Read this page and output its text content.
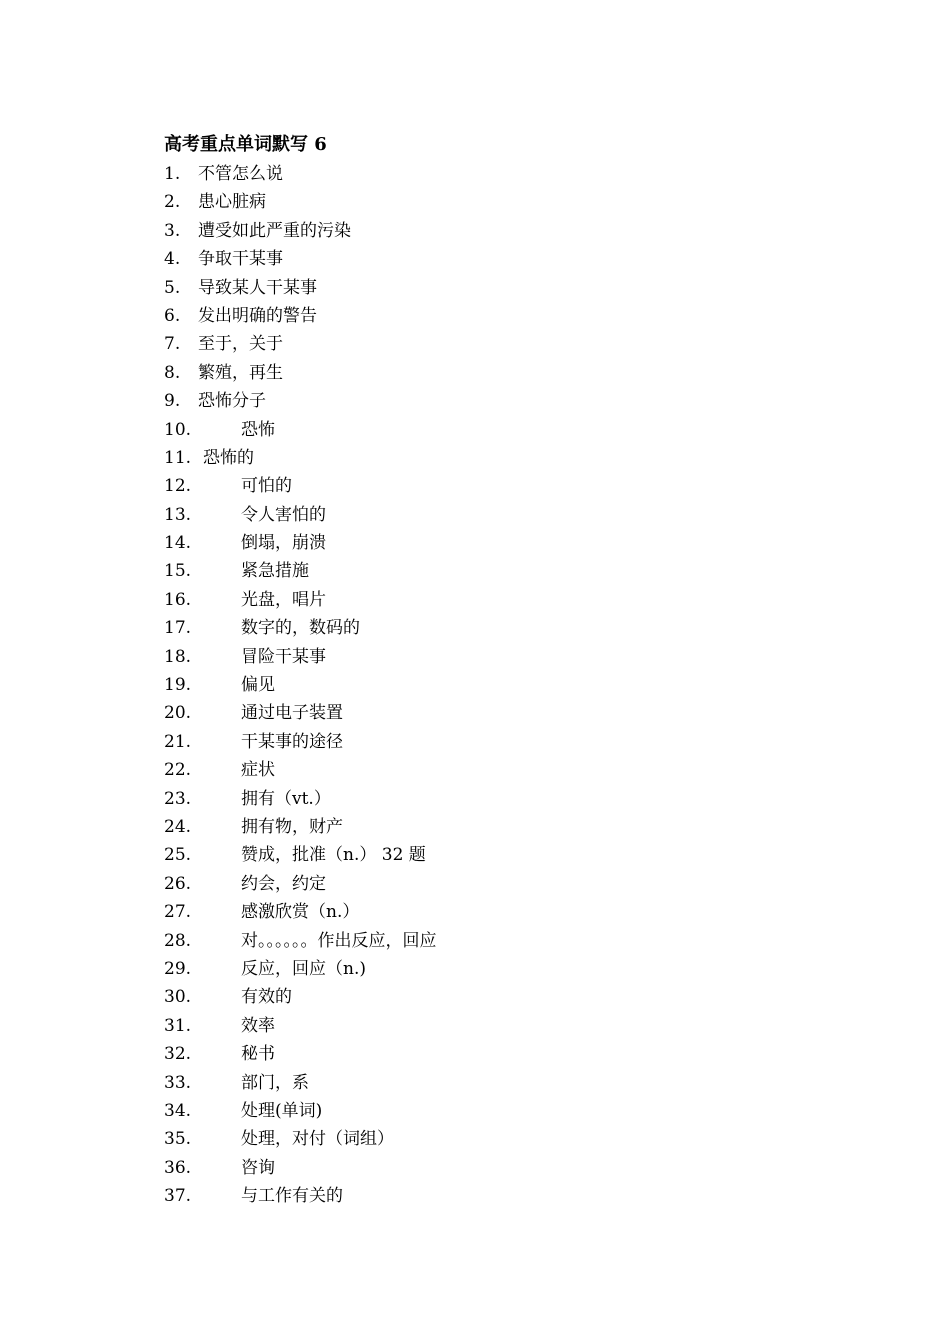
高考重点单词默写 6
1. 不管怎么说
2. 患心脏病
3. 遭受如此严重的污染
4. 争取干某事
5. 导致某人干某事
6. 发出明确的警告
7. 至于，关于
8. 繁殖，再生
9. 恐怖分子
10.	恐怖
11. 恐怖的
12.	可怕的
13.	令人害怕的
14.	倒塌，崩溃
15.	紧急措施
16.	光盘，唱片
17.	数字的，数码的
18.	冒险干某事
19.	偏见
20.	通过电子装置
21.	干某事的途径
22.	症状
23.	拥有（vt.）
24.	拥有物，财产
25.	赞成，批准（n.） 32 题
26.	约会，约定
27.	感激欣赏（n.）
28.	对。。。。。。作出反应，回应
29.	反应，回应（n.)
30.	有效的
31.	效率
32.	秘书
33.	部门，系
34.	处理(单词)
35.	处理，对付（词组）
36.	咨询
37.	与工作有关的
